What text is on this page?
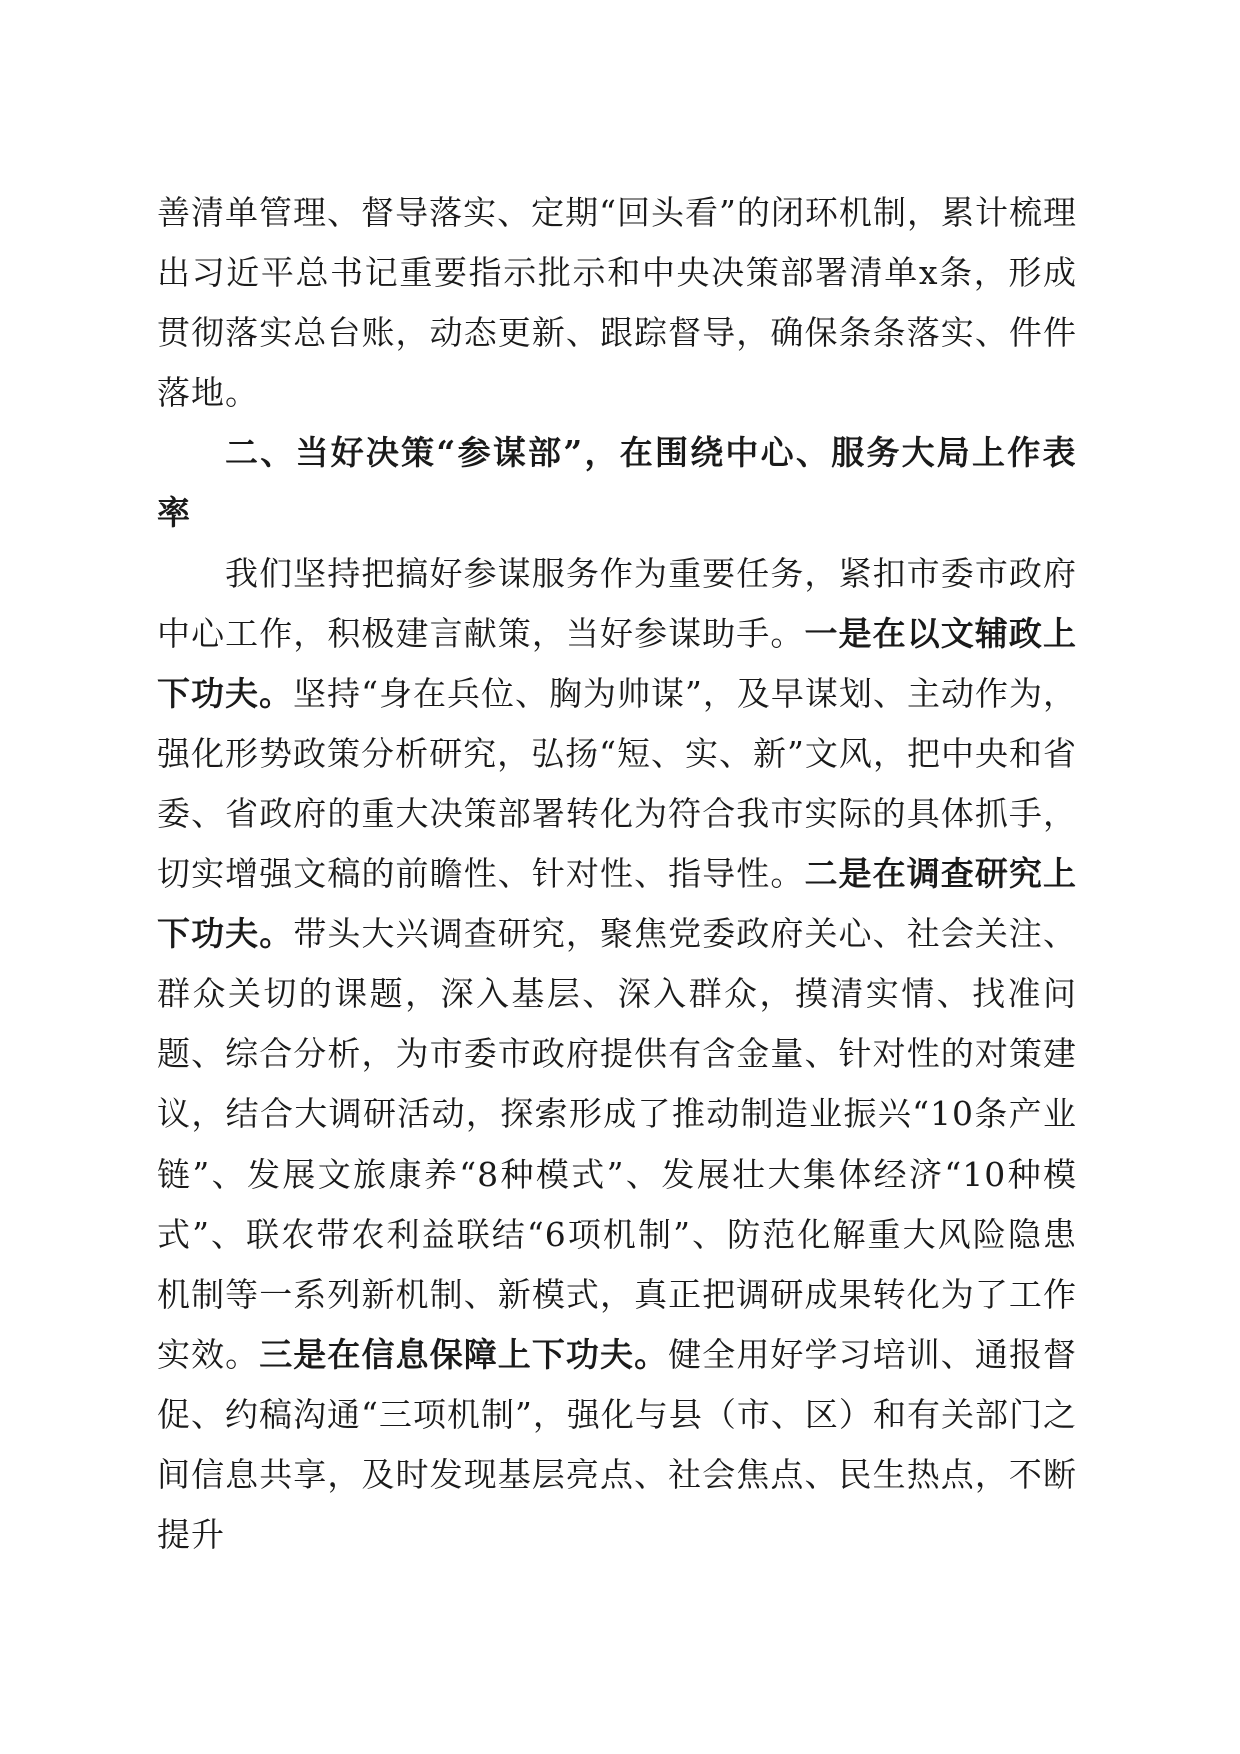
善清单管理、督导落实、定期“回头看”的闭环机制，累计梳理出习近平总书记重要指示批示和中央决策部署清单x条，形成贯彻落实总台账，动态更新、跟踪督导，确保条条落实、件件落地。

二、当好决策“参谋部”，在围绕中心、服务大局上作表率

我们坚持把搞好参谋服务作为重要任务，紧扣市委市政府中心工作，积极建言献策，当好参谋助手。一是在以文辅政上下功夫。坚持“身在兵位、胸为帅谋”，及早谋划、主动作为，强化形势政策分析研究，弘扬“短、实、新”文风，把中央和省委、省政府的重大决策部署转化为符合我市实际的具体抓手，切实增强文稿的前瞻性、针对性、指导性。二是在调查研究上下功夫。带头大兴调查研究，聚焦党委政府关心、社会关注、群众关切的课题，深入基层、深入群众，摸清实情、找准问题、综合分析，为市委市政府提供有含金量、针对性的对策建议，结合大调研活动，探索形成了推动制造业振兴“10条产业链”、发展文旅康养“8种模式”、发展壮大集体经济“10种模式”、联农带农利益联结“6项机制”、防范化解重大风险隐患机制等一系列新机制、新模式，真正把调研成果转化为了工作实效。三是在信息保障上下功夫。健全用好学习培训、通报督促、约稿沟通“三项机制”，强化与县（市、区）和有关部门之间信息共享，及时发现基层亮点、社会焦点、民生热点，不断提升
